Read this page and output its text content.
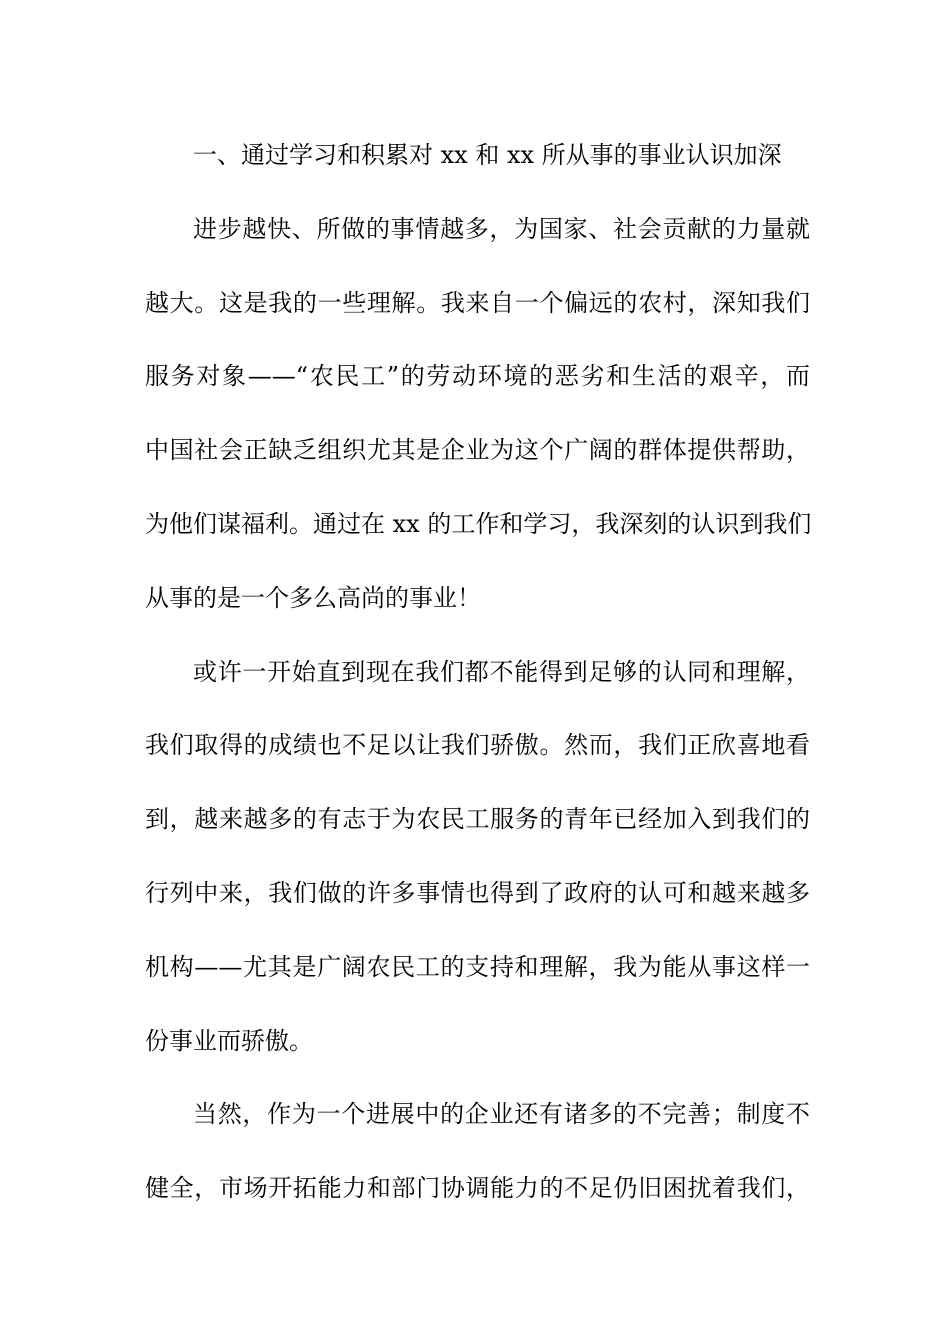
一、通过学习和积累对 xx 和 xx 所从事的事业认识加深
进步越快、所做的事情越多，为国家、社会贡献的力量就
越大。这是我的一些理解。我来自一个偏远的农村，深知我们
服务对象——“农民工”的劳动环境的恶劣和生活的艰辛，而
中国社会正缺乏组织尤其是企业为这个广阔的群体提供帮助，
为他们谋福利。通过在 xx 的工作和学习，我深刻的认识到我们
从事的是一个多么高尚的事业！
或许一开始直到现在我们都不能得到足够的认同和理解，
我们取得的成绩也不足以让我们骄傲。然而，我们正欣喜地看
到，越来越多的有志于为农民工服务的青年已经加入到我们的
行列中来，我们做的许多事情也得到了政府的认可和越来越多
机构——尤其是广阔农民工的支持和理解，我为能从事这样一
份事业而骄傲。
当然，作为一个进展中的企业还有诸多的不完善；制度不
健全，市场开拓能力和部门协调能力的不足仍旧困扰着我们，
